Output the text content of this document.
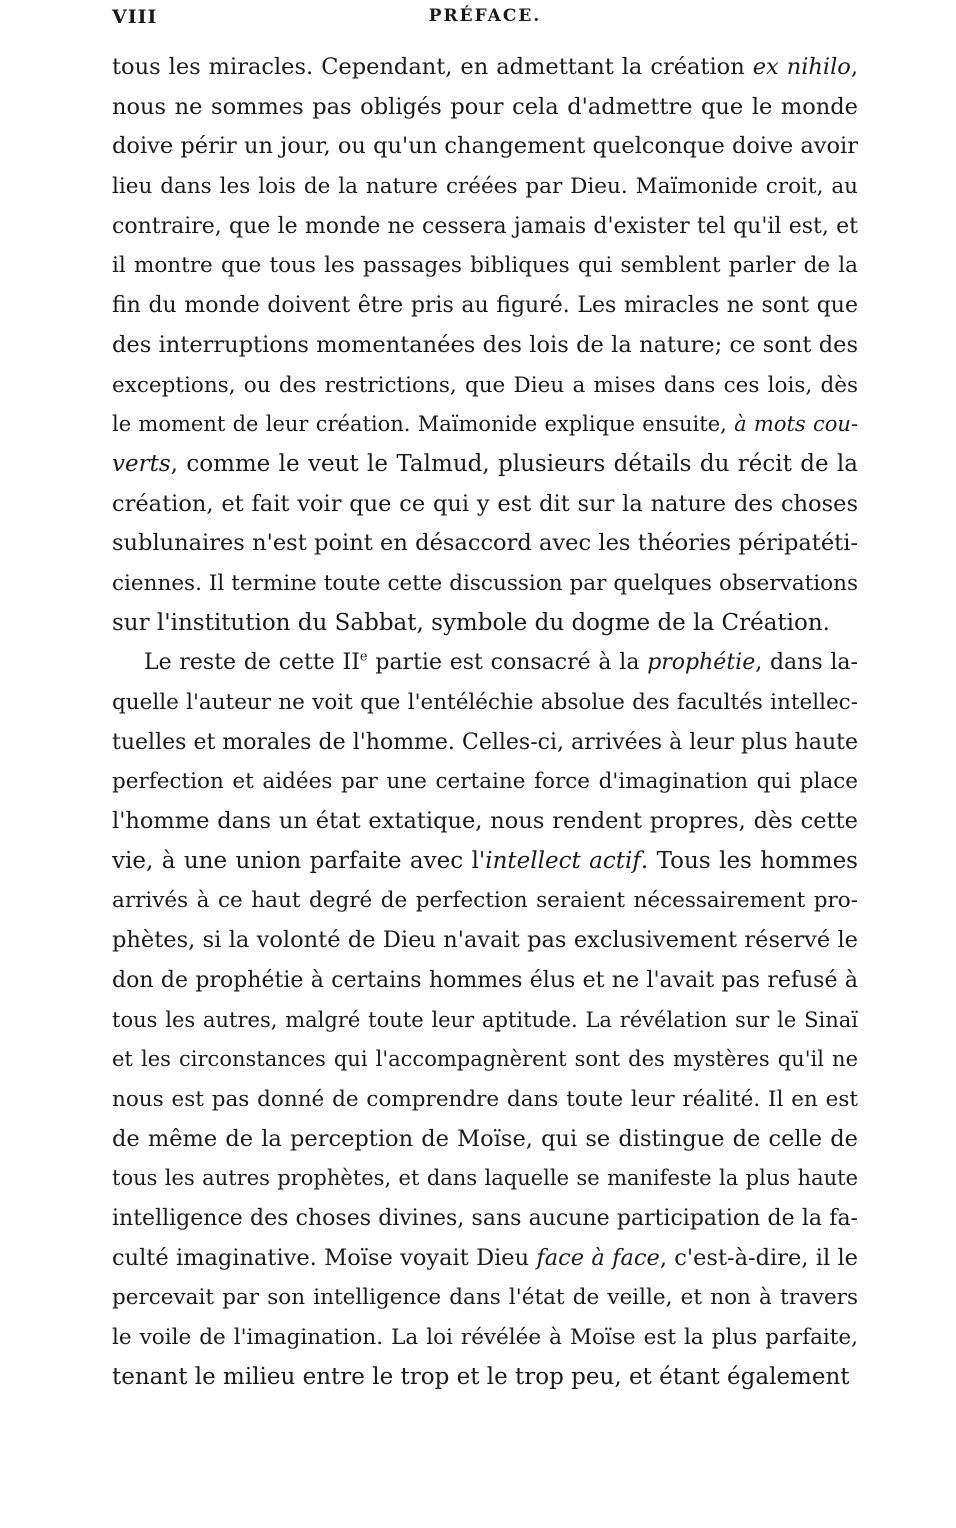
VIII	PRÉFACE.
tous les miracles. Cependant, en admettant la création ex nihilo,
nous ne sommes pas obligés pour cela d'admettre que le monde
doive périr un jour, ou qu'un changement quelconque doive avoir
lieu dans les lois de la nature créées par Dieu. Maïmonide croit, au
contraire, que le monde ne cessera jamais d'exister tel qu'il est, et
il montre que tous les passages bibliques qui semblent parler de la
fin du monde doivent être pris au figuré. Les miracles ne sont que
des interruptions momentanées des lois de la nature; ce sont des
exceptions, ou des restrictions, que Dieu a mises dans ces lois, dès
le moment de leur création. Maïmonide explique ensuite, à mots cou-
verts, comme le veut le Talmud, plusieurs détails du récit de la
création, et fait voir que ce qui y est dit sur la nature des choses
sublunaires n'est point en désaccord avec les théories péripatéti-
ciennes. Il termine toute cette discussion par quelques observations
sur l'institution du Sabbat, symbole du dogme de la Création.
Le reste de cette IIe partie est consacré à la prophétie, dans la-
quelle l'auteur ne voit que l'entéléchie absolue des facultés intellec-
tuelles et morales de l'homme. Celles-ci, arrivées à leur plus haute
perfection et aidées par une certaine force d'imagination qui place
l'homme dans un état extatique, nous rendent propres, dès cette
vie, à une union parfaite avec l'intellect actif. Tous les hommes
arrivés à ce haut degré de perfection seraient nécessairement pro-
phètes, si la volonté de Dieu n'avait pas exclusivement réservé le
don de prophétie à certains hommes élus et ne l'avait pas refusé à
tous les autres, malgré toute leur aptitude. La révélation sur le Sinaï
et les circonstances qui l'accompagnèrent sont des mystères qu'il ne
nous est pas donné de comprendre dans toute leur réalité. Il en est
de même de la perception de Moïse, qui se distingue de celle de
tous les autres prophètes, et dans laquelle se manifeste la plus haute
intelligence des choses divines, sans aucune participation de la fa-
culté imaginative. Moïse voyait Dieu face à face, c'est-à-dire, il le
percevait par son intelligence dans l'état de veille, et non à travers
le voile de l'imagination. La loi révélée à Moïse est la plus parfaite,
tenant le milieu entre le trop et le trop peu, et étant également
